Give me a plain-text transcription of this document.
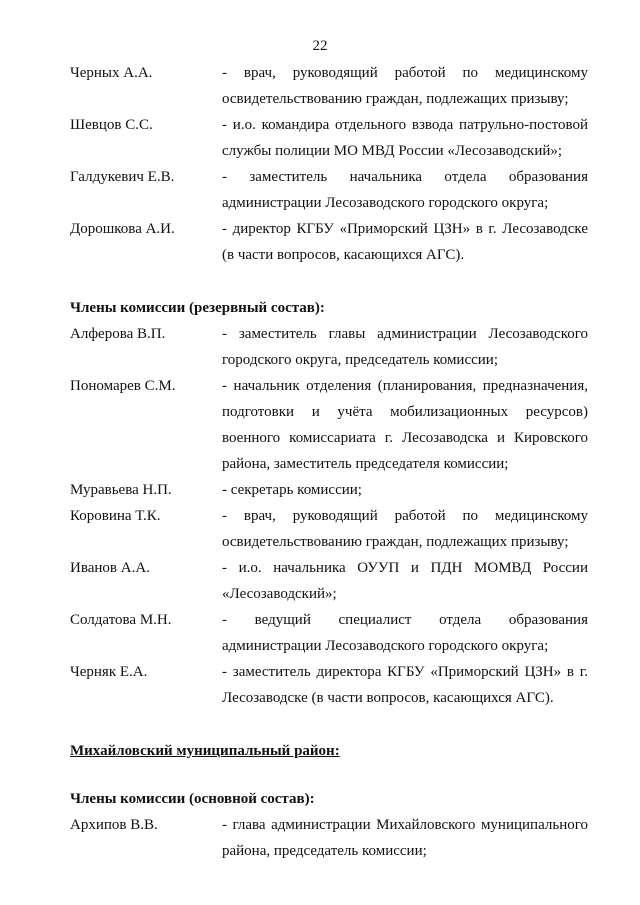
22
Черных А.А.	- врач, руководящий работой по медицинскому освидетельствованию граждан, подлежащих призыву;
Шевцов С.С.	- и.о. командира отдельного взвода патрульно-постовой службы полиции МО МВД России «Лесозаводский»;
Галдукевич Е.В.	- заместитель начальника отдела образования администрации Лесозаводского городского округа;
Дорошкова А.И.	- директор КГБУ «Приморский ЦЗН» в г. Лесозаводске (в части вопросов, касающихся АГС).
Члены комиссии (резервный состав):
Алферова В.П.	- заместитель главы администрации Лесозаводского городского округа, председатель комиссии;
Пономарев С.М.	- начальник отделения (планирования, предназначения, подготовки и учёта мобилизационных ресурсов) военного комиссариата г. Лесозаводска и Кировского района, заместитель председателя комиссии;
Муравьева Н.П.	- секретарь комиссии;
Коровина Т.К.	- врач, руководящий работой по медицинскому освидетельствованию граждан, подлежащих призыву;
Иванов А.А.	- и.о. начальника ОУУП и ПДН МОМВД России «Лесозаводский»;
Солдатова М.Н.	- ведущий специалист отдела образования администрации Лесозаводского городского округа;
Черняк Е.А.	- заместитель директора КГБУ «Приморский ЦЗН» в г. Лесозаводске (в части вопросов, касающихся АГС).
Михайловский муниципальный район:
Члены комиссии (основной состав):
Архипов В.В.	- глава администрации Михайловского муниципального района, председатель комиссии;
